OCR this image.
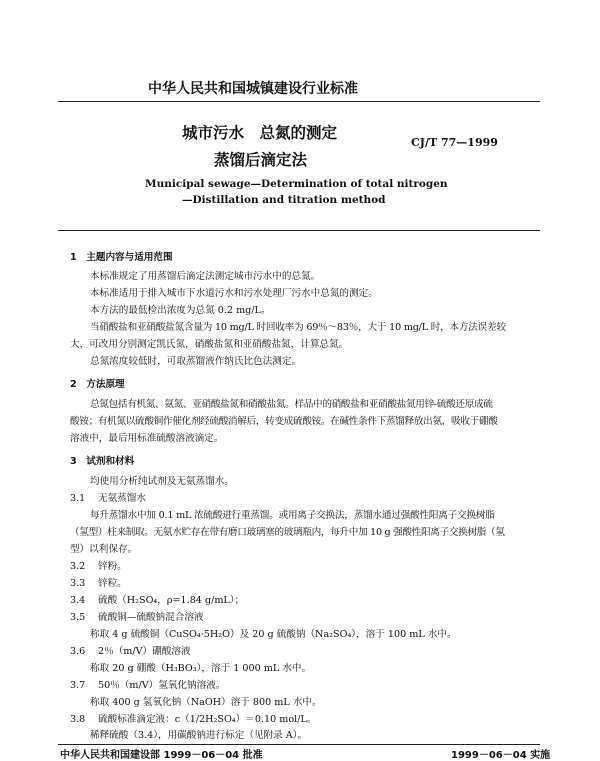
中华人民共和国城镇建设行业标准
城市污水　总氮的测定
蒸馏后滴定法
CJ/T 77—1999
Municipal sewage—Determination of total nitrogen
—Distillation and titration method
1　主题内容与适用范围
本标准规定了用蒸馏后滴定法测定城市污水中的总氮。
本标准适用于排入城市下水道污水和污水处理厂污水中总氮的测定。
本方法的最低检出浓度为总氮 0.2 mg/L。
当硝酸盐和亚硝酸盐氮含量为 10 mg/L 时回收率为 69％～83％，大于 10 mg/L 时，本方法误差较
大，可改用分别测定凯氏氮，硝酸盐氮和亚硝酸盐氮，计算总氮。
总氮浓度较低时，可取蒸馏液作纳氏比色法测定。
2　方法原理
总氮包括有机氮、氨氮、亚硝酸盐氮和硝酸盐氮。样品中的硝酸盐和亚硝酸盐氮用锌-硫酸还原成硫
酸铵；有机氮以硫酸铜作催化剂经硫酸消解后，转变成硫酸铵。在碱性条件下蒸馏释放出氨，吸收于硼酸
溶液中，最后用标准硫酸溶液滴定。
3　试剂和材料
均使用分析纯试剂及无氨蒸馏水。
3.1 无氨蒸馏水
每升蒸馏水中加 0.1 mL 浓硫酸进行重蒸馏。或用离子交换法，蒸馏水通过强酸性阳离子交换树脂
（氢型）柱来制取。无氨水贮存在带有磨口玻璃塞的玻璃瓶内，每升中加 10 g 强酸性阳离子交换树脂（氢
型）以利保存。
3.2 锌粉。
3.3 锌粒。
3.4 硫酸（H₂SO₄，ρ=1.84 g/mL）；
3.5 硫酸铜—硫酸钠混合溶液
称取 4 g 硫酸铜（CuSO₄·5H₂O）及 20 g 硫酸钠（Na₂SO₄），溶于 100 mL 水中。
3.6 2％（m/V）硼酸溶液
称取 20 g 硼酸（H₃BO₃），溶于 1 000 mL 水中。
3.7 50％（m/V）氢氧化钠溶液。
称取 400 g 氢氧化钠（NaOH）溶于 800 mL 水中。
3.8 硫酸标准滴定液：c（1/2H₂SO₄）＝0.10 mol/L。
稀释硫酸（3.4），用碳酸钠进行标定（见附录 A）。
中华人民共和国建设部 1999－06－04 批准	1999－06－04 实施
